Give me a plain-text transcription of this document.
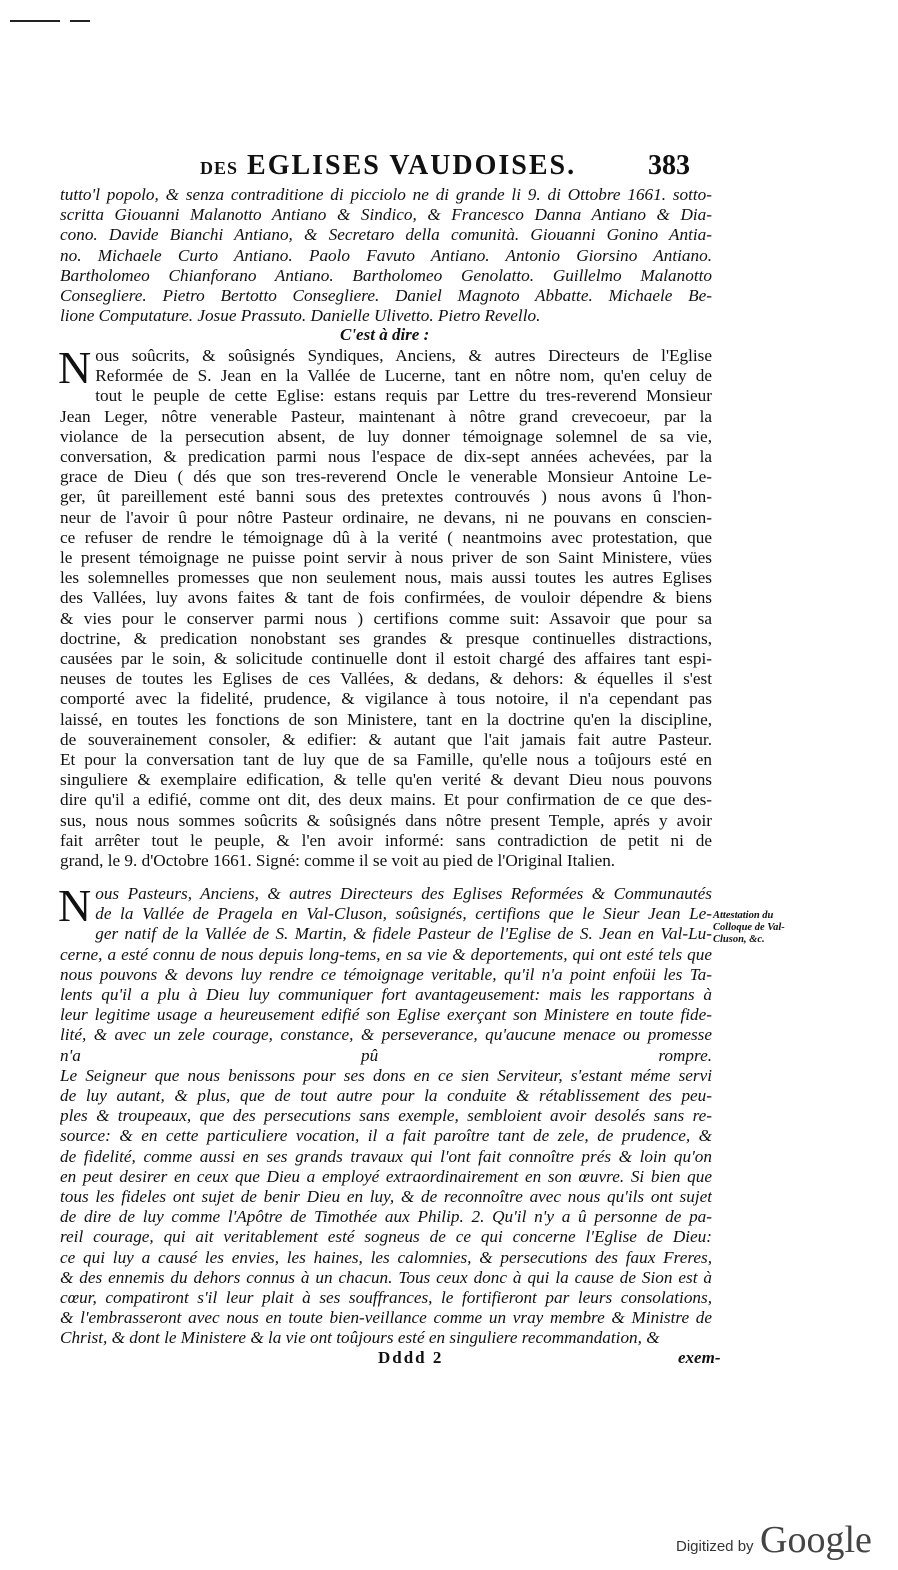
DES EGLISES VAUDOISES.	383
tutto'l popolo, & senza contraditione di picciolo ne di grande li 9. di Ottobre 1661. sotto-
scritta Giouanni Malanotto Antiano & Sindico, & Francesco Danna Antiano & Dia-
cono. Davide Bianchi Antiano, & Secretaro della comunità. Giouanni Gonino Antia-
no. Michaele Curto Antiano. Paolo Favuto Antiano. Antonio Giorsino Antiano.
Bartholomeo Chianforano Antiano. Bartholomeo Genolatto. Guillelmo Malanotto
Consegliere. Pietro Bertotto Consegliere. Daniel Magnoto Abbatte. Michaele Be-
lione Computature. Josue Prassuto. Danielle Ulivetto. Pietro Revello.
C'est à dire :
N ous soûcrits, & soûsignés Syndiques, Anciens, & autres Directeurs de l'Eglise
Reformée de S. Jean en la Vallée de Lucerne, tant en nôtre nom, qu'en celuy de
tout le peuple de cette Eglise: estans requis par Lettre du tres-reverend Monsieur
Jean Leger, nôtre venerable Pasteur, maintenant à nôtre grand crevecoeur, par la
violance de la persecution absent, de luy donner témoignage solemnel de sa vie,
conversation, & predication parmi nous l'espace de dix-sept années achevées, par la
grace de Dieu ( dés que son tres-reverend Oncle le venerable Monsieur Antoine Le-
ger, ût pareillement esté banni sous des pretextes controuvés ) nous avons û l'hon-
neur de l'avoir û pour nôtre Pasteur ordinaire, ne devans, ni ne pouvans en conscien-
ce refuser de rendre le témoignage dû à la verité ( neantmoins avec protestation, que
le present témoignage ne puisse point servir à nous priver de son Saint Ministere, vües
les solemnelles promesses que non seulement nous, mais aussi toutes les autres Eglises
des Vallées, luy avons faites & tant de fois confirmées, de vouloir dépendre & biens
& vies pour le conserver parmi nous ) certifions comme suit: Assavoir que pour sa
doctrine, & predication nonobstant ses grandes & presque continuelles distractions,
causées par le soin, & solicitude continuelle dont il estoit chargé des affaires tant espi-
neuses de toutes les Eglises de ces Vallées, & dedans, & dehors: & équelles il s'est
comporté avec la fidelité, prudence, & vigilance à tous notoire, il n'a cependant pas
laissé, en toutes les fonctions de son Ministere, tant en la doctrine qu'en la discipline,
de souverainement consoler, & edifier: & autant que l'ait jamais fait autre Pasteur.
Et pour la conversation tant de luy que de sa Famille, qu'elle nous a toûjours esté en
singuliere & exemplaire edification, & telle qu'en verité & devant Dieu nous pouvons
dire qu'il a edifié, comme ont dit, des deux mains. Et pour confirmation de ce que des-
sus, nous nous sommes soûcrits & soûsignés dans nôtre present Temple, aprés y avoir
fait arrêter tout le peuple, & l'en avoir informé: sans contradiction de petit ni de
grand, le 9. d'Octobre 1661. Signé: comme il se voit au pied de l'Original Italien.
N ous Pasteurs, Anciens, & autres Directeurs des Eglises Reformées & Communautés
de la Vallée de Pragela en Val-Cluson, soûsignés, certifions que le Sieur Jean Le-
ger natif de la Vallée de S. Martin, & fidele Pasteur de l'Eglise de S. Jean en Val-Lu-
cerne, a esté connu de nous depuis long-tems, en sa vie & deportements, qui ont esté tels que
nous pouvons & devons luy rendre ce témoignage veritable, qu'il n'a point enfoüi les Ta-
lents qu'il a plu à Dieu luy communiquer fort avantageusement: mais les rapportans à
leur legitime usage a heureusement edifié son Eglise exerçant son Ministere en toute fide-
lité, & avec un zele courage, constance, & perseverance, qu'aucune menace ou promesse
n'a pû rompre.
Le Seigneur que nous benissons pour ses dons en ce sien Serviteur, s'estant méme servi
de luy autant, & plus, que de tout autre pour la conduite & rétablissement des peu-
ples & troupeaux, que des persecutions sans exemple, sembloient avoir desolés sans re-
source: & en cette particuliere vocation, il a fait paroître tant de zele, de prudence, &
de fidelité, comme aussi en ses grands travaux qui l'ont fait connoître prés & loin qu'on
en peut desirer en ceux que Dieu a employé extraordinairement en son œuvre. Si bien que
tous les fideles ont sujet de benir Dieu en luy, & de reconnoître avec nous qu'ils ont sujet
de dire de luy comme l'Apôtre de Timothée aux Philip. 2. Qu'il n'y a û personne de pa-
reil courage, qui ait veritablement esté sogneus de ce qui concerne l'Eglise de Dieu:
ce qui luy a causé les envies, les haines, les calomnies, & persecutions des faux Freres,
& des ennemis du dehors connus à un chacun. Tous ceux donc à qui la cause de Sion est à
cœur, compatiront s'il leur plait à ses souffrances, le fortifieront par leurs consolations,
& l'embrasseront avec nous en toute bien-veillance comme un vray membre & Ministre de
Christ, & dont le Ministere & la vie ont toûjours esté en singuliere recommandation, &
Attestation du Colloque de Val-Cluson, &c.
Dddd 2	exem-
Digitized by Google
